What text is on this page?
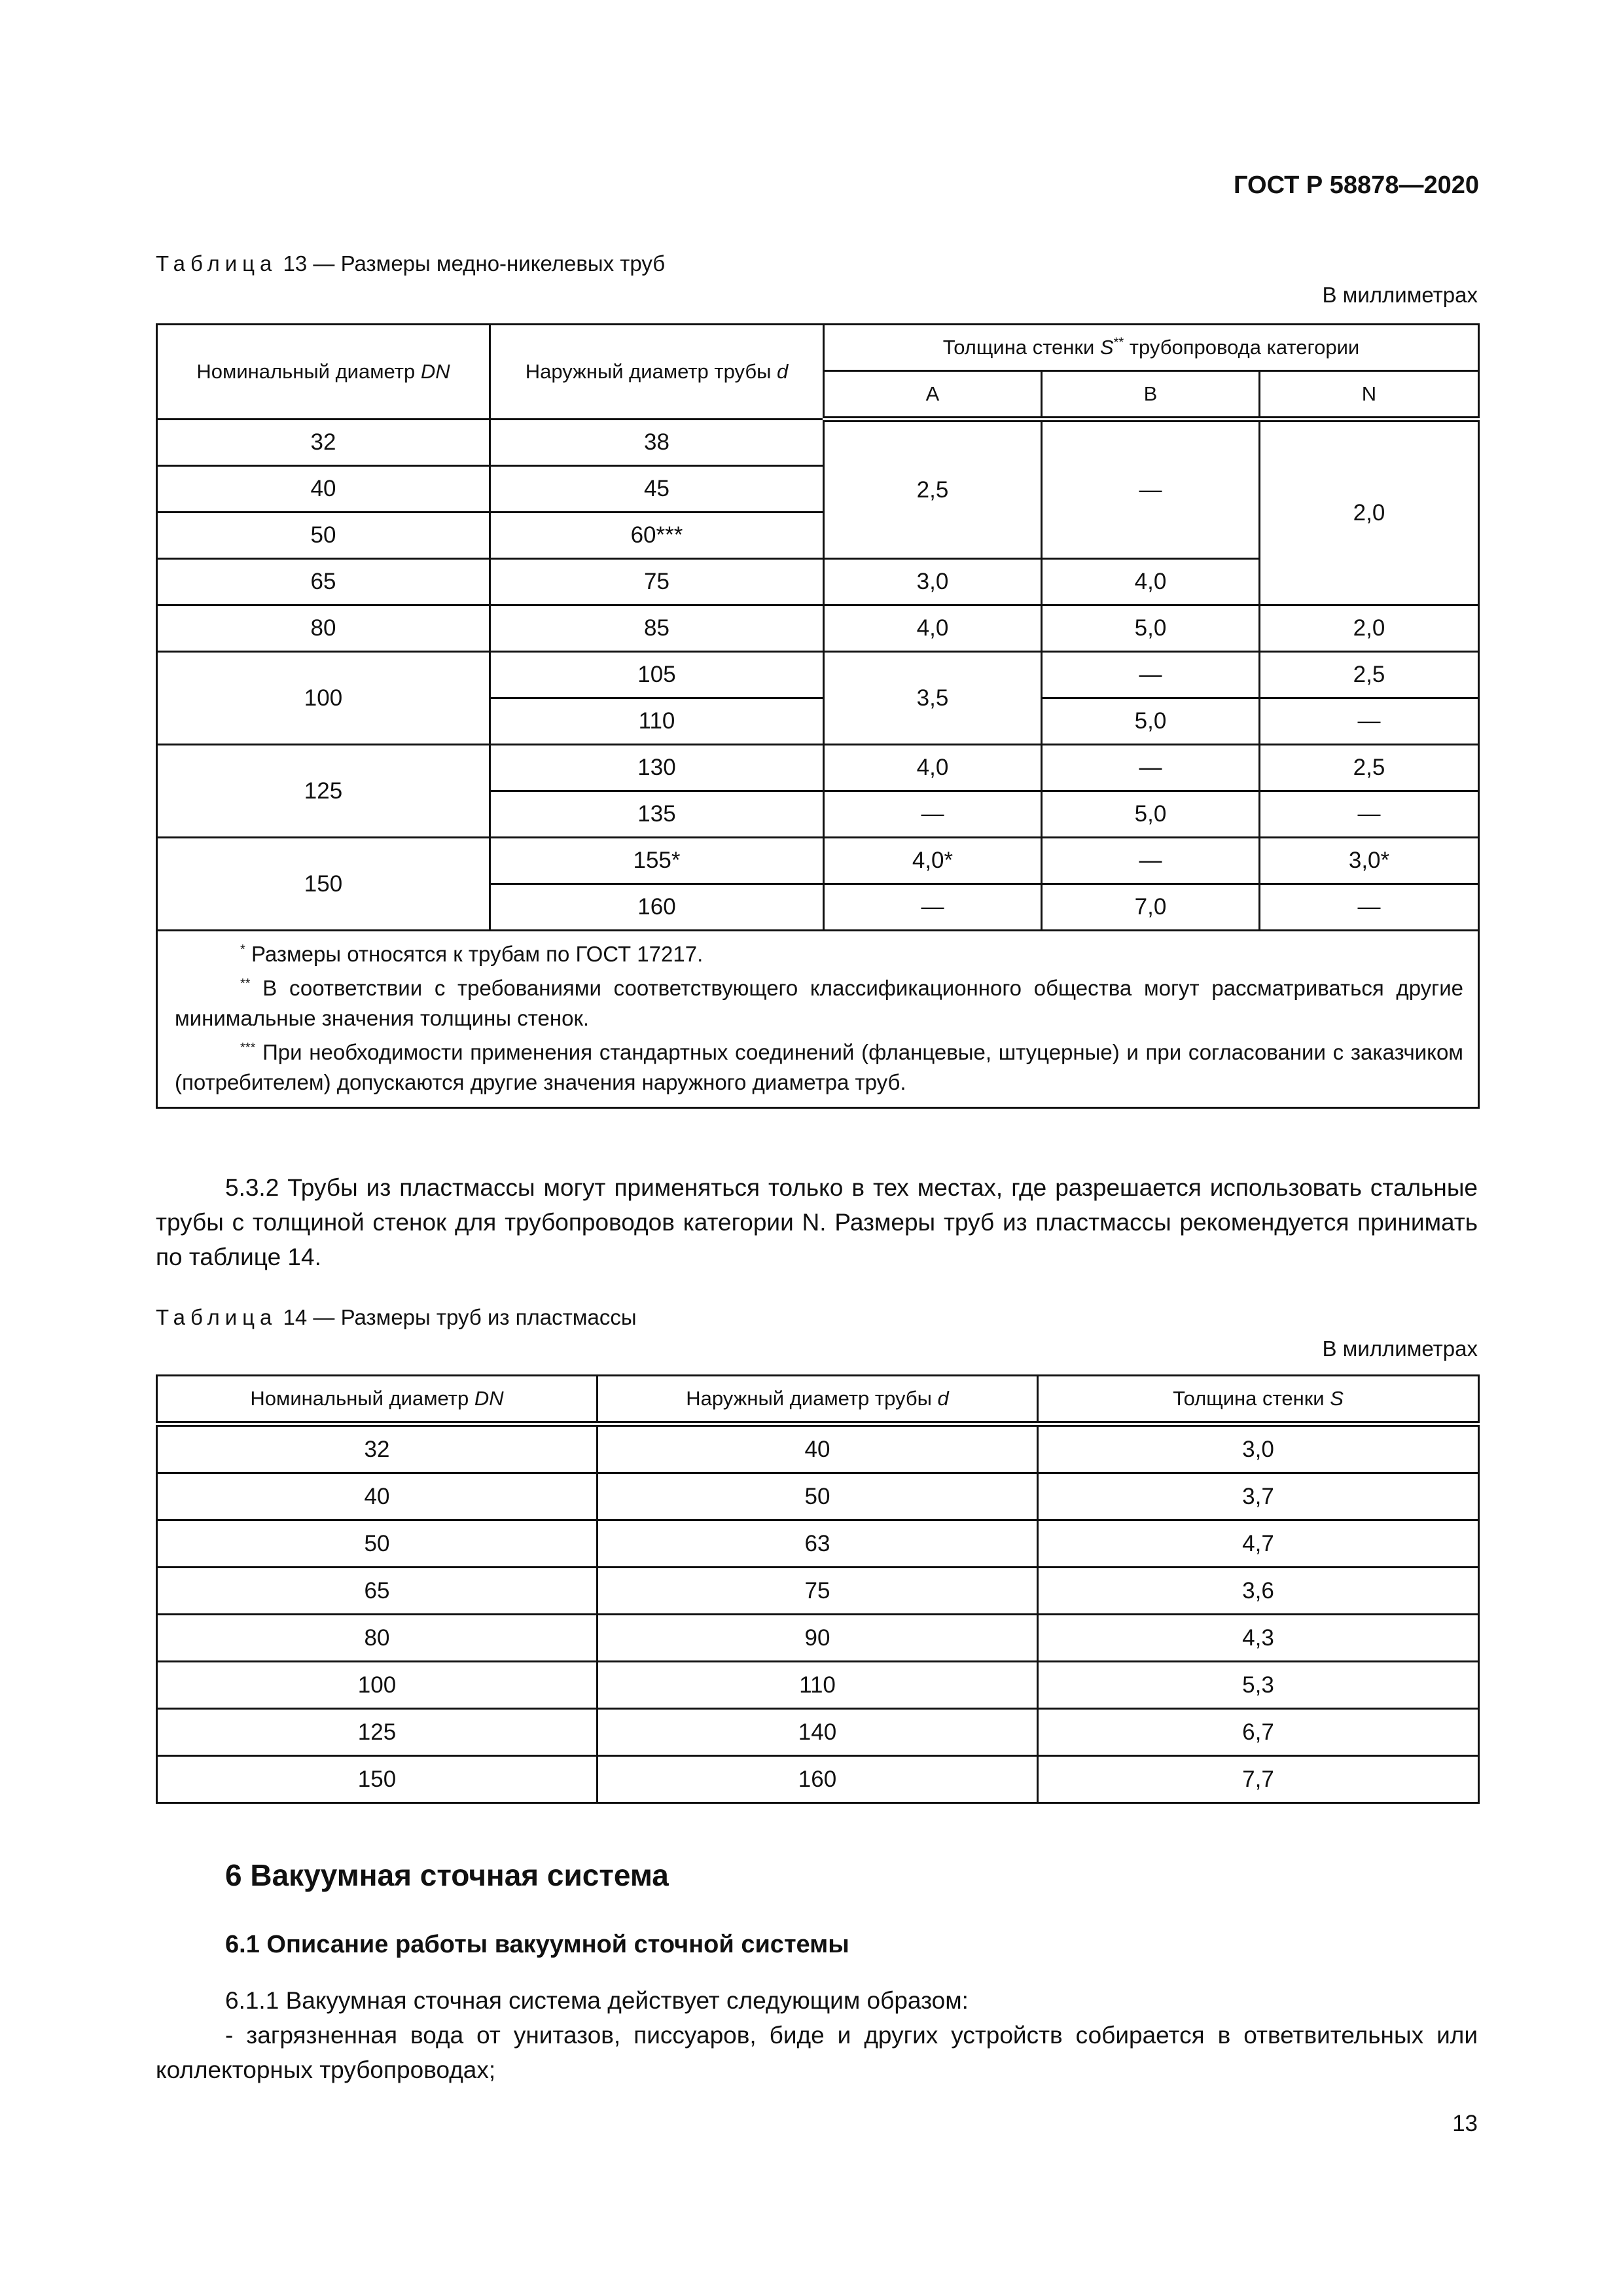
ГОСТ Р 58878—2020
Таблица 13 — Размеры медно-никелевых труб
В миллиметрах
Номинальный диаметр DN	Наружный диаметр трубы d	Толщина стенки S** трубопровода категории		
		A	B	N
32	38	2,5	—	2,0
40	45			
50	60***			
65	75	3,0	4,0	
80	85	4,0	5,0	2,0
100	105	3,5	—	2,5
	110		5,0	—
125	130	4,0	—	2,5
	135	—	5,0	—
150	155*	4,0*	—	3,0*
	160	—	7,0	—

* Размеры относятся к трубам по ГОСТ 17217.

** В соответствии с требованиями соответствующего классификационного общества могут рассматриваться другие минимальные значения толщины стенок.

*** При необходимости применения стандартных соединений (фланцевые, штуцерные) и при согласовании с заказчиком (потребителем) допускаются другие значения наружного диаметра труб.				

5.3.2 Трубы из пластмассы могут применяться только в тех местах, где разрешается использовать стальные трубы с толщиной стенок для трубопроводов категории N. Размеры труб из пластмассы рекомендуется принимать по таблице 14.

Таблица 14 — Размеры труб из пластмассы
В миллиметрах
Номинальный диаметр DN	Наружный диаметр трубы d	Толщина стенки S
32	40	3,0
40	50	3,7
50	63	4,7
65	75	3,6
80	90	4,3
100	110	5,3
125	140	6,7
150	160	7,7
6 Вакуумная сточная система
6.1 Описание работы вакуумной сточной системы

6.1.1 Вакуумная сточная система действует следующим образом:

- загрязненная вода от унитазов, писсуаров, биде и других устройств собирается в ответвительных или коллекторных трубопроводах;

13
